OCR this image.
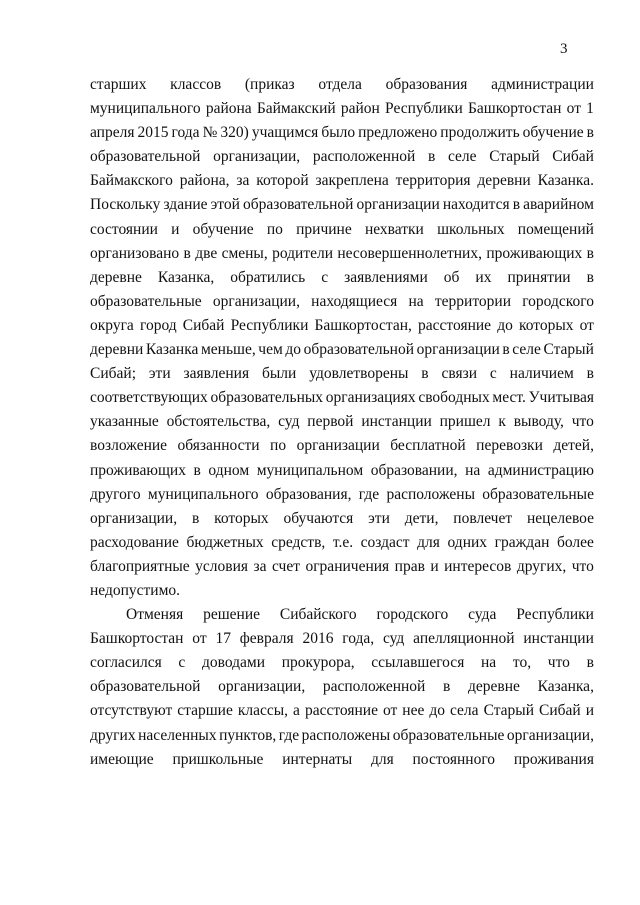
3
старших классов (приказ отдела образования администрации
муниципального района Баймакский район Республики Башкортостан от 1
апреля 2015 года № 320) учащимся было предложено продолжить обучение в
образовательной организации, расположенной в селе Старый Сибай
Баймакского района, за которой закреплена территория деревни Казанка.
Поскольку здание этой образовательной организации находится в аварийном
состоянии и обучение по причине нехватки школьных помещений
организовано в две смены, родители несовершеннолетних, проживающих в
деревне Казанка, обратились с заявлениями об их принятии в
образовательные организации, находящиеся на территории городского
округа город Сибай Республики Башкортостан, расстояние до которых от
деревни Казанка меньше, чем до образовательной организации в селе Старый
Сибай; эти заявления были удовлетворены в связи с наличием в
соответствующих образовательных организациях свободных мест. Учитывая
указанные обстоятельства, суд первой инстанции пришел к выводу, что
возложение обязанности по организации бесплатной перевозки детей,
проживающих в одном муниципальном образовании, на администрацию
другого муниципального образования, где расположены образовательные
организации, в которых обучаются эти дети, повлечет нецелевое
расходование бюджетных средств, т.е. создаст для одних граждан более
благоприятные условия за счет ограничения прав и интересов других, что
недопустимо.
Отменяя решение Сибайского городского суда Республики
Башкортостан от 17 февраля 2016 года, суд апелляционной инстанции
согласился с доводами прокурора, ссылавшегося на то, что в
образовательной организации, расположенной в деревне Казанка,
отсутствуют старшие классы, а расстояние от нее до села Старый Сибай и
других населенных пунктов, где расположены образовательные организации,
имеющие пришкольные интернаты для постоянного проживания
